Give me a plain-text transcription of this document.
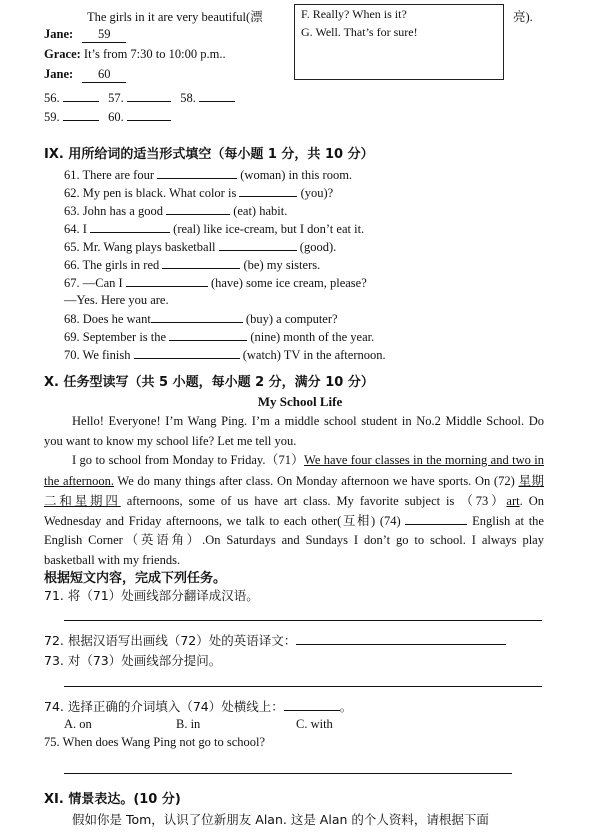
The girls in it are very beautiful(漂	亮).
F. Really? When is it?
G. Well. That’s for sure!
Jane: 59
Grace: It’s from 7:30 to 10:00 p.m..
Jane: 60
56.	57.	58.
59.	60.
IX. 用所给词的适当形式填空（每小题 1 分，共 10 分）
61. There are four	(woman) in this room.
62. My pen is black. What color is	(you)?
63. John has a good	(eat) habit.
64. I	(real) like ice-cream, but I don’t eat it.
65. Mr. Wang plays basketball	(good).
66. The girls in red	(be) my sisters.
67. —Can I	(have) some ice cream, please?
—Yes. Here you are.
68. Does he want	(buy) a computer?
69. September is the	(nine) month of the year.
70. We finish	(watch) TV in the afternoon.
X. 任务型读写（共 5 小题，每小题 2 分，满分 10 分）
My School Life
Hello! Everyone! I’m Wang Ping. I’m a middle school student in No.2 Middle School. Do you want to know my school life? Let me tell you.
I go to school from Monday to Friday.（71）We have four classes in the morning and two in the afternoon. We do many things after class. On Monday afternoon we have sports. On (72) 星期二和星期四 afternoons, some of us have art class. My favorite subject is （73）art. On Wednesday and Friday afternoons, we talk to each other(互相) (74)	English at the English Corner（英语角）.On Saturdays and Sundays I don’t go to school. I always play basketball with my friends.
根据短文内容，完成下列任务。
71. 将（71）处画线部分翻译成汉语。
72. 根据汉语写出画线（72）处的英语译文：
73. 对（73）处画线部分提问。
74. 选择正确的介词填入（74）处横线上：	。
A. on	B. in	C. with
75. When does Wang Ping not go to school?
XI. 情景表达。(10 分)
假如你是 Tom，认识了位新朋友 Alan. 这是 Alan 的个人资料，请根据下面
